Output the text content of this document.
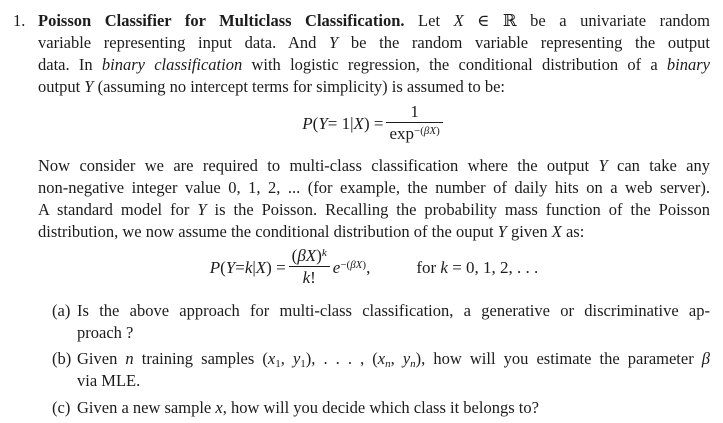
1. Poisson Classifier for Multiclass Classification. Let X ∈ ℝ be a univariate random
variable representing input data. And Y be the random variable representing the output
data. In binary classification with logistic regression, the conditional distribution of a binary
output Y (assuming no intercept terms for simplicity) is assumed to be:
P ( Y = 1| X ) = $\frac{1}{\exp^{-(\beta X)}}$
Now consider we are required to multi-class classification where the output Y can take any
non-negative integer value 0, 1, 2, ... (for example, the number of daily hits on a web server).
A standard model for Y is the Poisson. Recalling the probability mass function of the Poisson
distribution, we now assume the conditional distribution of the ouput Y given X as:
P ( Y = k | X ) = $\frac{(\beta X)^k}{k!} e^{-(\beta X)}$,	for k = 0, 1, 2, . . .
(a) Is the above approach for multi-class classification, a generative or discriminative ap-
proach ?
(b) Given n training samples ($x_1$, $y_1$), . . . , ($x_n$, $y_n$), how will you estimate the parameter β
via MLE.
(c) Given a new sample x, how will you decide which class it belongs to?
